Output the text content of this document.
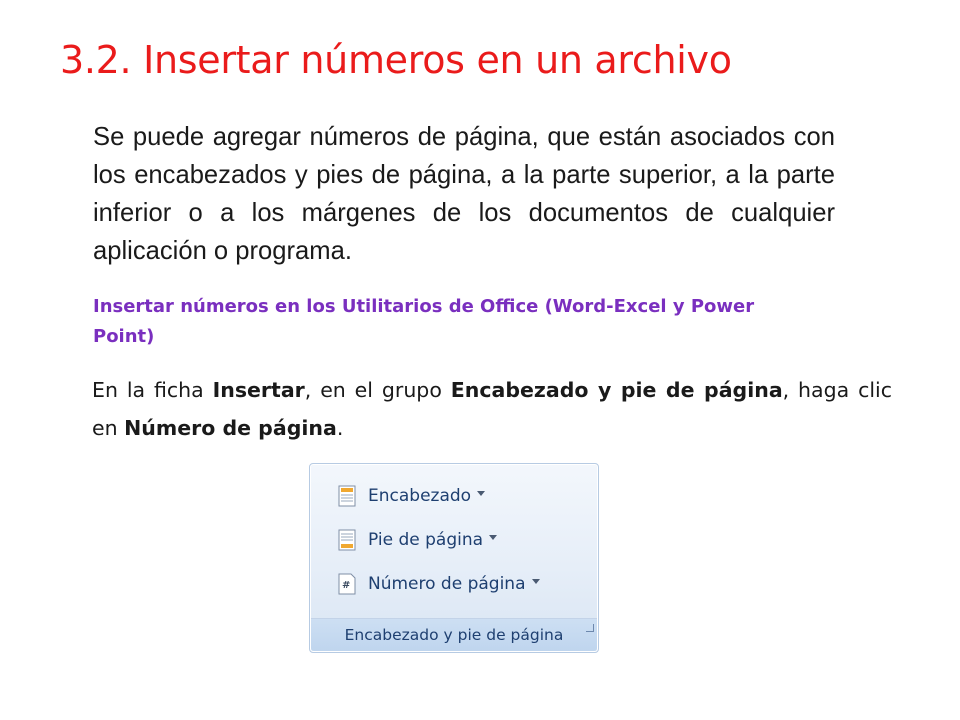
3.2. Insertar números en un archivo
Se puede agregar números de página, que están asociados con los encabezados y pies de página, a la parte superior, a la parte inferior o a los márgenes de los documentos de cualquier aplicación o programa.
Insertar números en los Utilitarios de Office (Word-Excel y Power Point)
En la ficha Insertar, en el grupo Encabezado y pie de página, haga clic en Número de página.
Encabezado
Pie de página
# Número de página
Encabezado y pie de página
